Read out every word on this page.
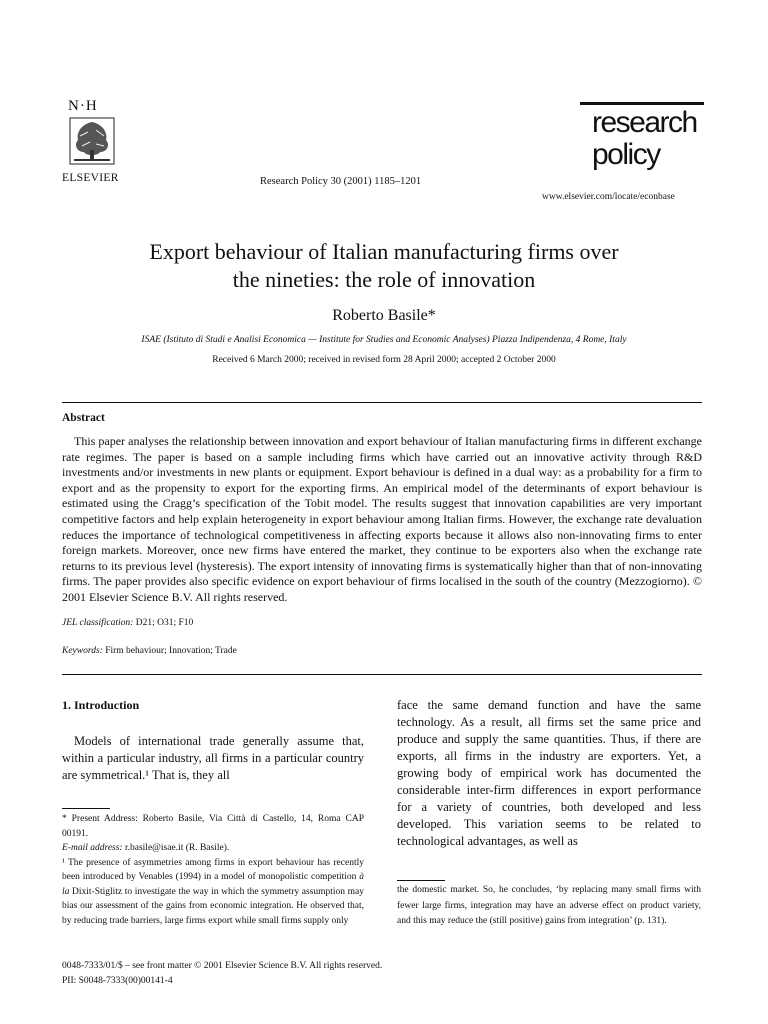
N·H
ELSEVIER	Research Policy 30 (2001) 1185–1201
research
policy
www.elsevier.com/locate/econbase
Export behaviour of Italian manufacturing firms over
the nineties: the role of innovation
Roberto Basile*
ISAE (Istituto di Studi e Analisi Economica — Institute for Studies and Economic Analyses) Piazza Indipendenza, 4 Rome, Italy
Received 6 March 2000; received in revised form 28 April 2000; accepted 2 October 2000
Abstract
This paper analyses the relationship between innovation and export behaviour of Italian manufacturing firms in different exchange rate regimes. The paper is based on a sample including firms which have carried out an innovative activity through R&D investments and/or investments in new plants or equipment. Export behaviour is defined in a dual way: as a probability for a firm to export and as the propensity to export for the exporting firms. An empirical model of the determinants of export behaviour is estimated using the Cragg’s specification of the Tobit model. The results suggest that innovation capabilities are very important competitive factors and help explain heterogeneity in export behaviour among Italian firms. However, the exchange rate devaluation reduces the importance of technological competitiveness in affecting exports because it allows also non-innovating firms to enter foreign markets. Moreover, once new firms have entered the market, they continue to be exporters also when the exchange rate returns to its previous level (hysteresis). The export intensity of innovating firms is systematically higher than that of non-innovating firms. The paper provides also specific evidence on export behaviour of firms localised in the south of the country (Mezzogiorno). © 2001 Elsevier Science B.V. All rights reserved.
JEL classification: D21; O31; F10
Keywords: Firm behaviour; Innovation; Trade
1. Introduction
Models of international trade generally assume that, within a particular industry, all firms in a particular country are symmetrical.¹ That is, they all
face the same demand function and have the same technology. As a result, all firms set the same price and produce and supply the same quantities. Thus, if there are exports, all firms in the industry are exporters. Yet, a growing body of empirical work has documented the considerable inter-firm differences in export performance for a variety of countries, both developed and less developed. This variation seems to be related to technological advantages, as well as

* Present Address: Roberto Basile, Via Città di Castello, 14, Roma CAP 00191.

E-mail address: r.basile@isae.it (R. Basile).

¹ The presence of asymmetries among firms in export behaviour has recently been introduced by Venables (1994) in a model of monopolistic competition à la Dixit-Stiglitz to investigate the way in which the symmetry assumption may bias our assessment of the gains from economic integration. He observed that, by reducing trade barriers, large firms export while small firms supply only

the domestic market. So, he concludes, ‘by replacing many small firms with fewer large firms, integration may have an adverse effect on product variety, and this may reduce the (still positive) gains from integration’ (p. 131).
0048-7333/01/$ – see front matter © 2001 Elsevier Science B.V. All rights reserved.
PII: S0048-7333(00)00141-4
